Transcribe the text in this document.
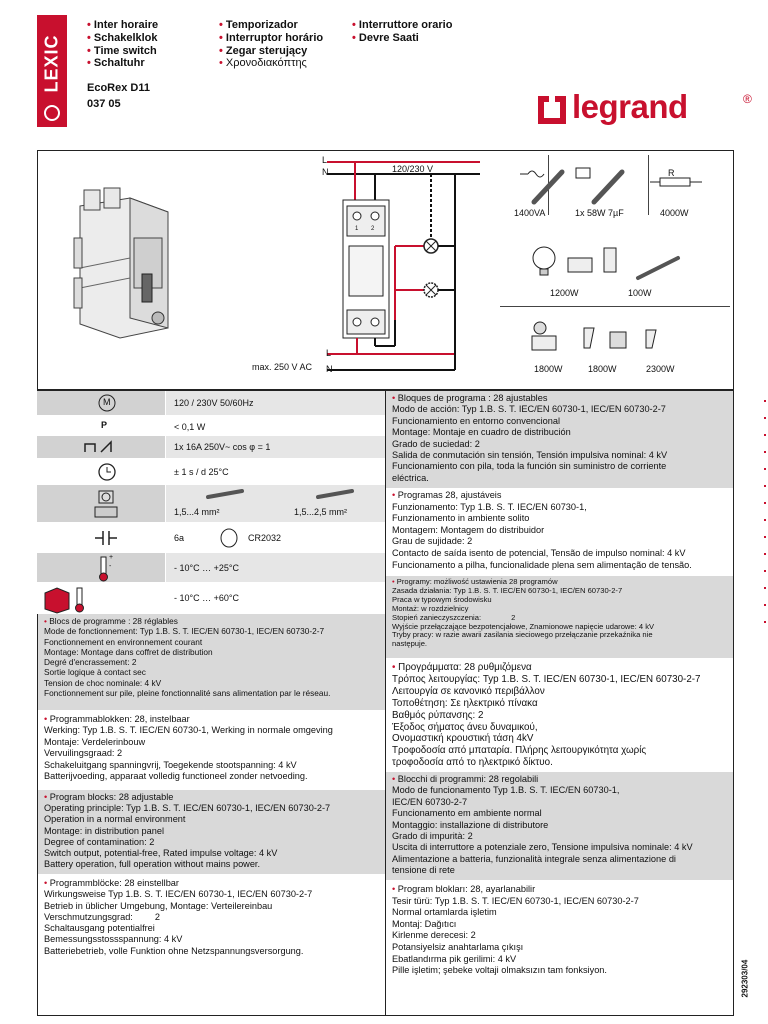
LEXIC
• Inter horaire
• Schakelklok
• Time switch
• Schaltuhr
• Temporizador
• Interruptor horário
• Zegar sterujący
• Χρονοδιακόπτης
• Interruttore orario
• Devre Saati
EcoRex D11
037 05	legrand	®
L
N	120/230 V
1 2
L
N
max. 250 V AC
R
1400VA	1x 58W 7µF	4000W
1200W	100W
1800W	1800W	2300W
M	120 / 230V 50/60Hz
P	< 0,1 W
1x 16A 250V~ cos φ = 1
± 1 s / d 25°C
1,5...4 mm²	1,5...2,5 mm²
6a	CR2032
+
-	- 10°C … +25°C
- 10°C … +60°C
• Blocs de programme : 28 réglables
Mode de fonctionnement: Typ 1.B. S. T. IEC/EN 60730-1, IEC/EN 60730-2-7
Fonctionnement en environnement courant
Montage: Montage dans coffret de distribution
Degré d'encrassement: 2
Sortie logique à contact sec
Tension de choc nominale: 4 kV
Fonctionnement sur pile, pleine fonctionnalité sans alimentation par le réseau.
• Programmablokken: 28, instelbaar
Werking: Typ 1.B. S. T. IEC/EN 60730-1, Werking in normale omgeving
Montaje: Verdelerinbouw
Vervuilingsgraad: 2
Schakeluitgang spanningvrij, Toegekende stootspanning: 4 kV
Batterijvoeding, apparaat volledig functioneel zonder netvoeding.
• Program blocks: 28 adjustable
Operating principle: Typ 1.B. S. T. IEC/EN 60730-1, IEC/EN 60730-2-7
Operation in a normal environment
Montage: in distribution panel
Degree of contamination: 2
Switch output, potential-free, Rated impulse voltage: 4 kV
Battery operation, full operation without mains power.
• Programmblöcke: 28 einstellbar
Wirkungsweise Typ 1.B. S. T. IEC/EN 60730-1, IEC/EN 60730-2-7
Betrieb in üblicher Umgebung, Montage: Verteilereinbau
Verschmutzungsgrad: 2
Schaltausgang potentialfrei
Bemessungsstossspannung: 4 kV
Batteriebetrieb, volle Funktion ohne Netzspannungsversorgung.
• Bloques de programa : 28 ajustables
Modo de acción: Typ 1.B. S. T. IEC/EN 60730-1, IEC/EN 60730-2-7
Funcionamiento en entorno convencional
Montage: Montaje en cuadro de distribución
Grado de suciedad: 2
Salida de conmutación sin tensión, Tensión impulsiva nominal: 4 kV
Funcionamiento con pila, toda la función sin suministro de corriente
eléctrica.
• Programas 28, ajustáveis
Funzionamento: Typ 1.B. S. T. IEC/EN 60730-1,
Funzionamento in ambiente solito
Montagem: Montagem do distribuidor
Grau de sujidade: 2
Contacto de saída isento de potencial, Tensão de impulso nominal: 4 kV
Funcionamento a pilha, funcionalidade plena sem alimentação de tensão.
• Programy: możliwość ustawienia 28 programów
Zasada działania: Typ 1.B. S. T. IEC/EN 60730-1, IEC/EN 60730-2-7
Praca w typowym środowisku
Montaż: w rozdzielnicy
Stopień zanieczyszczenia:	2
Wyjście przełączające bezpotencjałowe, Znamionowe napięcie udarowe: 4 kV
Tryby pracy: w razie awarii zasilania sieciowego przełączanie przekaźnika nie
następuje.
• Προγράμματα: 28 ρυθμιζόμενα
Τρόπος λειτουργίας: Typ 1.B. S. T. IEC/EN 60730-1, IEC/EN 60730-2-7
Λειτουργία σε κανονικό περιβάλλον
Τοποθέτηση: Σε ηλεκτρικό πίνακα
Βαθμός ρύπανσης: 2
Έξοδος σήματος άνευ δυναμικού,
Ονομαστική κρουστική τάση 4kV
Τροφοδοσία από μπαταρία. Πλήρης λειτουργικότητα χωρίς
τροφοδοσία από το ηλεκτρικό δίκτυο.
• Blocchi di programmi: 28 regolabili
Modo de funcionamento Typ 1.B. S. T. IEC/EN 60730-1,
IEC/EN 60730-2-7
Funcionamento em ambiente normal
Montaggio: installazione di distributore
Grado di impurità: 2
Uscita di interruttore a potenziale zero, Tensione impulsiva nominale: 4 kV
Alimentazione a batteria, funzionalità integrale senza alimentazione di
tensione di rete
• Program blokları: 28, ayarlanabilir
Tesir türü: Typ 1.B. S. T. IEC/EN 60730-1, IEC/EN 60730-2-7
Normal ortamlarda işletim
Montaj: Dağıtıcı
Kirlenme derecesi: 2
Potansiyelsiz anahtarlama çıkışı
Ebatlandırma pik gerilimi: 4 kV
Pille işletim; şebeke voltaji olmaksızın tam fonksiyon.	292303/04
